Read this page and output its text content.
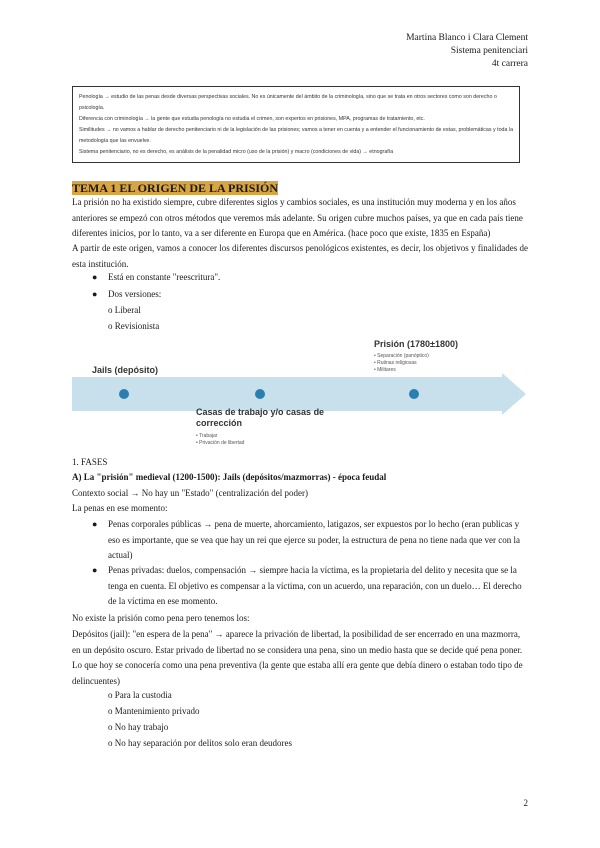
Martina Blanco i Clara Clement
Sistema penitenciari
4t carrera

Penología → estudio de las penas desde diversas perspectivas sociales. No es únicamente del ámbito de la criminología, sino que se trata en otros sectores como son derecho o psicología.

Diferencia con criminología → la gente que estudia penología no estudia el crimen, son expertos en prisiones, MPA, programas de tratamiento, etc.

Similitudes → no vamos a hablar de derecho penitenciario ni de la legislación de las prisiones; vamos a tener en cuenta y a entender el funcionamiento de estas, problemáticas y toda la metodología que las envuelve.

Sistema penitenciario, no es derecho, es análisis de la penalidad micro (uso de la prisión) y macro (condiciones de vida) → etnografía

TEMA 1 EL ORIGEN DE LA PRISIÓN

La prisión no ha existido siempre, cubre diferentes siglos y cambios sociales, es una institución muy moderna y en los años anteriores se empezó con otros métodos que veremos más adelante. Su origen cubre muchos países, ya que en cada país tiene diferentes inicios, por lo tanto, va a ser diferente en Europa que en América. (hace poco que existe, 1835 en España)

A partir de este origen, vamos a conocer los diferentes discursos penológicos existentes, es decir, los objetivos y finalidades de esta institución.

● Está en constante "reescritura".
● Dos versiones:
o Liberal
o Revisionista
Prisión (1780±1800)
• Separación (panóptico)
• Rutinas religiosas
• Militares
Jails (depósito)
Casas de trabajo y/o casas de corrección
• Trabajar
• Privación de libertad
1. FASES
A) La "prisión" medieval (1200-1500): Jails (depósitos/mazmorras) - época feudal
Contexto social → No hay un "Estado" (centralización del poder)
La penas en ese momento:
● Penas corporales públicas → pena de muerte, ahorcamiento, latigazos, ser expuestos por lo hecho (eran publicas y eso es importante, que se vea que hay un rei que ejerce su poder, la estructura de pena no tiene nada que ver con la actual)
● Penas privadas: duelos, compensación → siempre hacia la víctima, es la propietaria del delito y necesita que se la tenga en cuenta. El objetivo es compensar a la víctima, con un acuerdo, una reparación, con un duelo… El derecho de la víctima en ese momento.
No existe la prisión como pena pero tenemos los:

Depósitos (jail): "en espera de la pena" → aparece la privación de libertad, la posibilidad de ser encerrado en una mazmorra, en un depósito oscuro. Estar privado de libertad no se considera una pena, sino un medio hasta que se decide qué pena poner. Lo que hoy se conocería como una pena preventiva (la gente que estaba allí era gente que debía dinero o estaban todo tipo de delincuentes)

o Para la custodia
o Mantenimiento privado
o No hay trabajo
o No hay separación por delitos solo eran deudores
2
